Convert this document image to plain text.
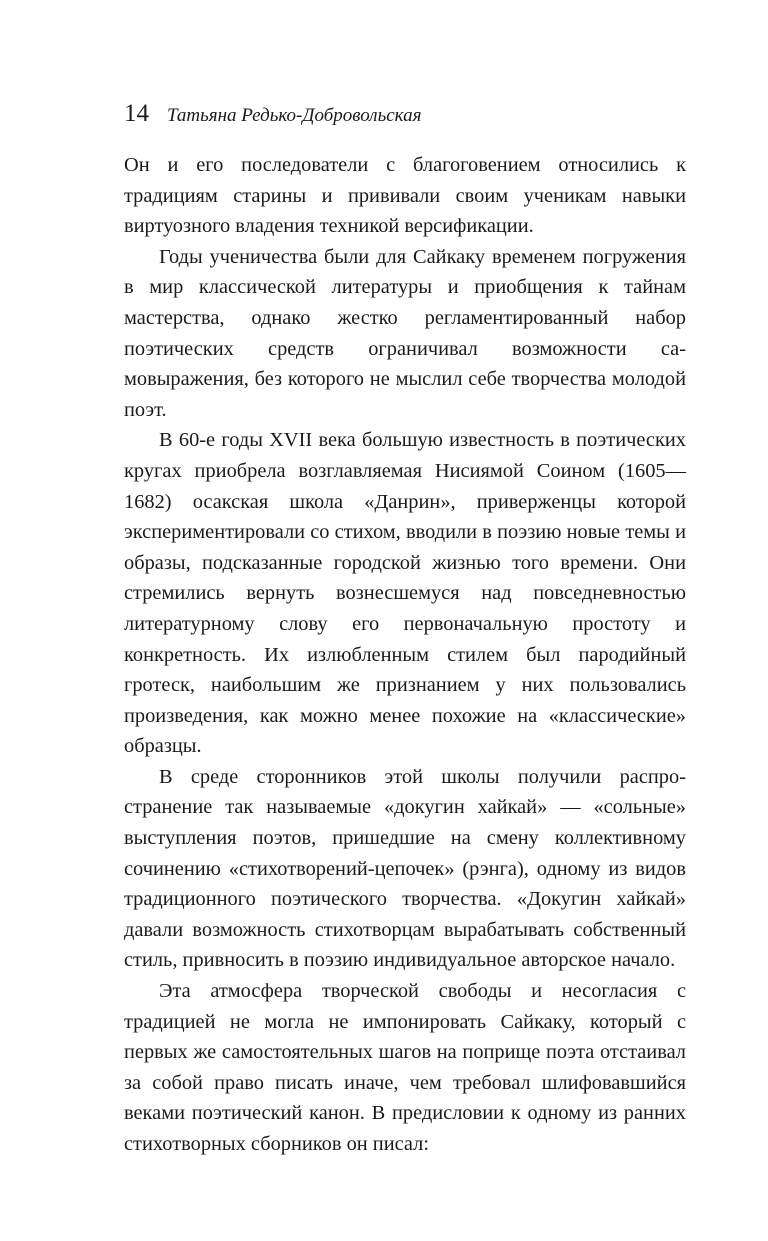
14 Татьяна Редько-Добровольская

Он и его последователи с благоговением относились к традициям старины и прививали своим ученикам навыки виртуозного владения техникой версификации.

Годы ученичества были для Сайкаку временем погружения в мир классической литературы и приобщения к тайнам мастерства, однако жестко регламентированный набор поэтических средств ограничивал возможности самовыражения, без которого не мыслил себе творчества молодой поэт.

В 60-е годы XVII века большую известность в поэтических кругах приобрела возглавляемая Нисиямой Соином (1605—1682) осакская школа «Данрин», приверженцы которой экспериментировали со стихом, вводили в поэзию новые темы и образы, подсказанные городской жизнью того времени. Они стремились вернуть вознесшемуся над повседневностью литературному слову его первоначальную простоту и конкретность. Их излюбленным стилем был пародийный гротеск, наибольшим же признанием у них пользовались произведения, как можно менее похожие на «классические» образцы.

В среде сторонников этой школы получили распространение так называемые «докугин хайкай» — «сольные» выступления поэтов, пришедшие на смену коллективному сочинению «стихотворений-цепочек» (рэнга), одному из видов традиционного поэтического творчества. «Докугин хайкай» давали возможность стихотворцам вырабатывать собственный стиль, привносить в поэзию индивидуальное авторское начало.

Эта атмосфера творческой свободы и несогласия с традицией не могла не импонировать Сайкаку, который с первых же самостоятельных шагов на поприще поэта отстаивал за собой право писать иначе, чем требовал шлифовавшийся веками поэтический канон. В предисловии к одному из ранних стихотворных сборников он писал:
